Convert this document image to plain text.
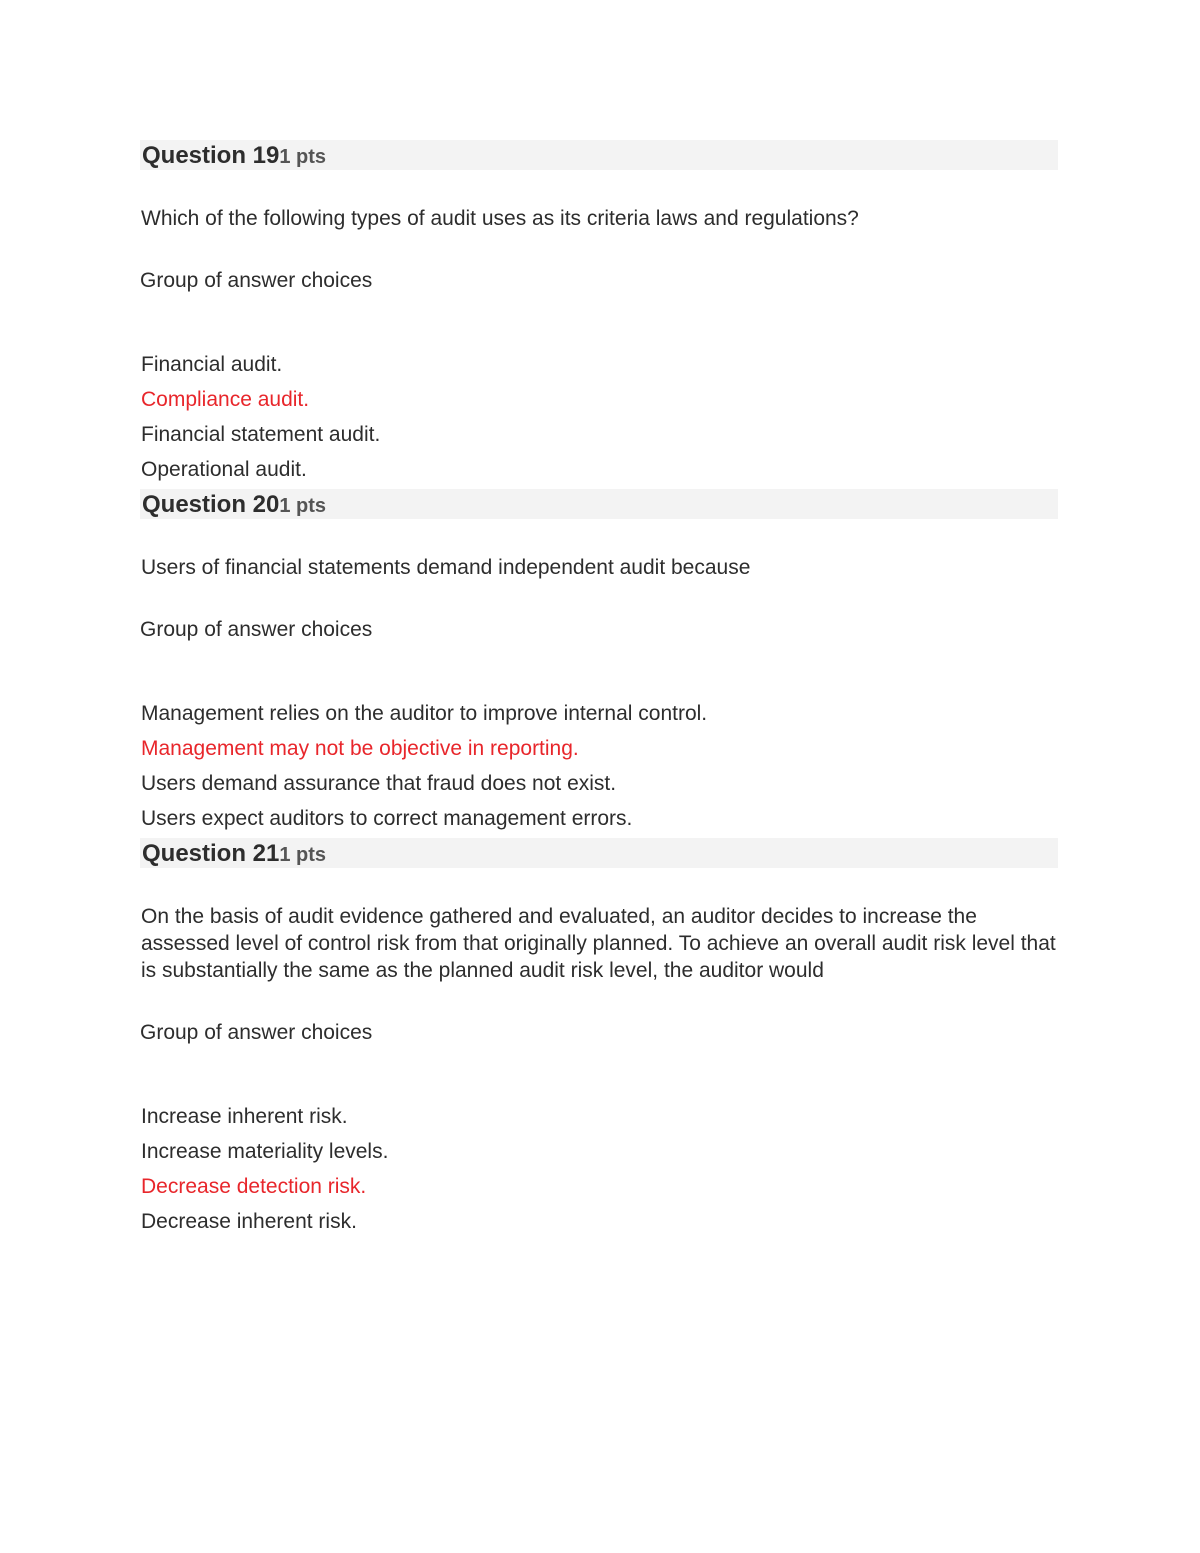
Question 191 pts
Which of the following types of audit uses as its criteria laws and regulations?
Group of answer choices
Financial audit.
Compliance audit.
Financial statement audit.
Operational audit.
Question 201 pts
Users of financial statements demand independent audit because
Group of answer choices
Management relies on the auditor to improve internal control.
Management may not be objective in reporting.
Users demand assurance that fraud does not exist.
Users expect auditors to correct management errors.
Question 211 pts
On the basis of audit evidence gathered and evaluated, an auditor decides to increase the assessed level of control risk from that originally planned. To achieve an overall audit risk level that is substantially the same as the planned audit risk level, the auditor would
Group of answer choices
Increase inherent risk.
Increase materiality levels.
Decrease detection risk.
Decrease inherent risk.
